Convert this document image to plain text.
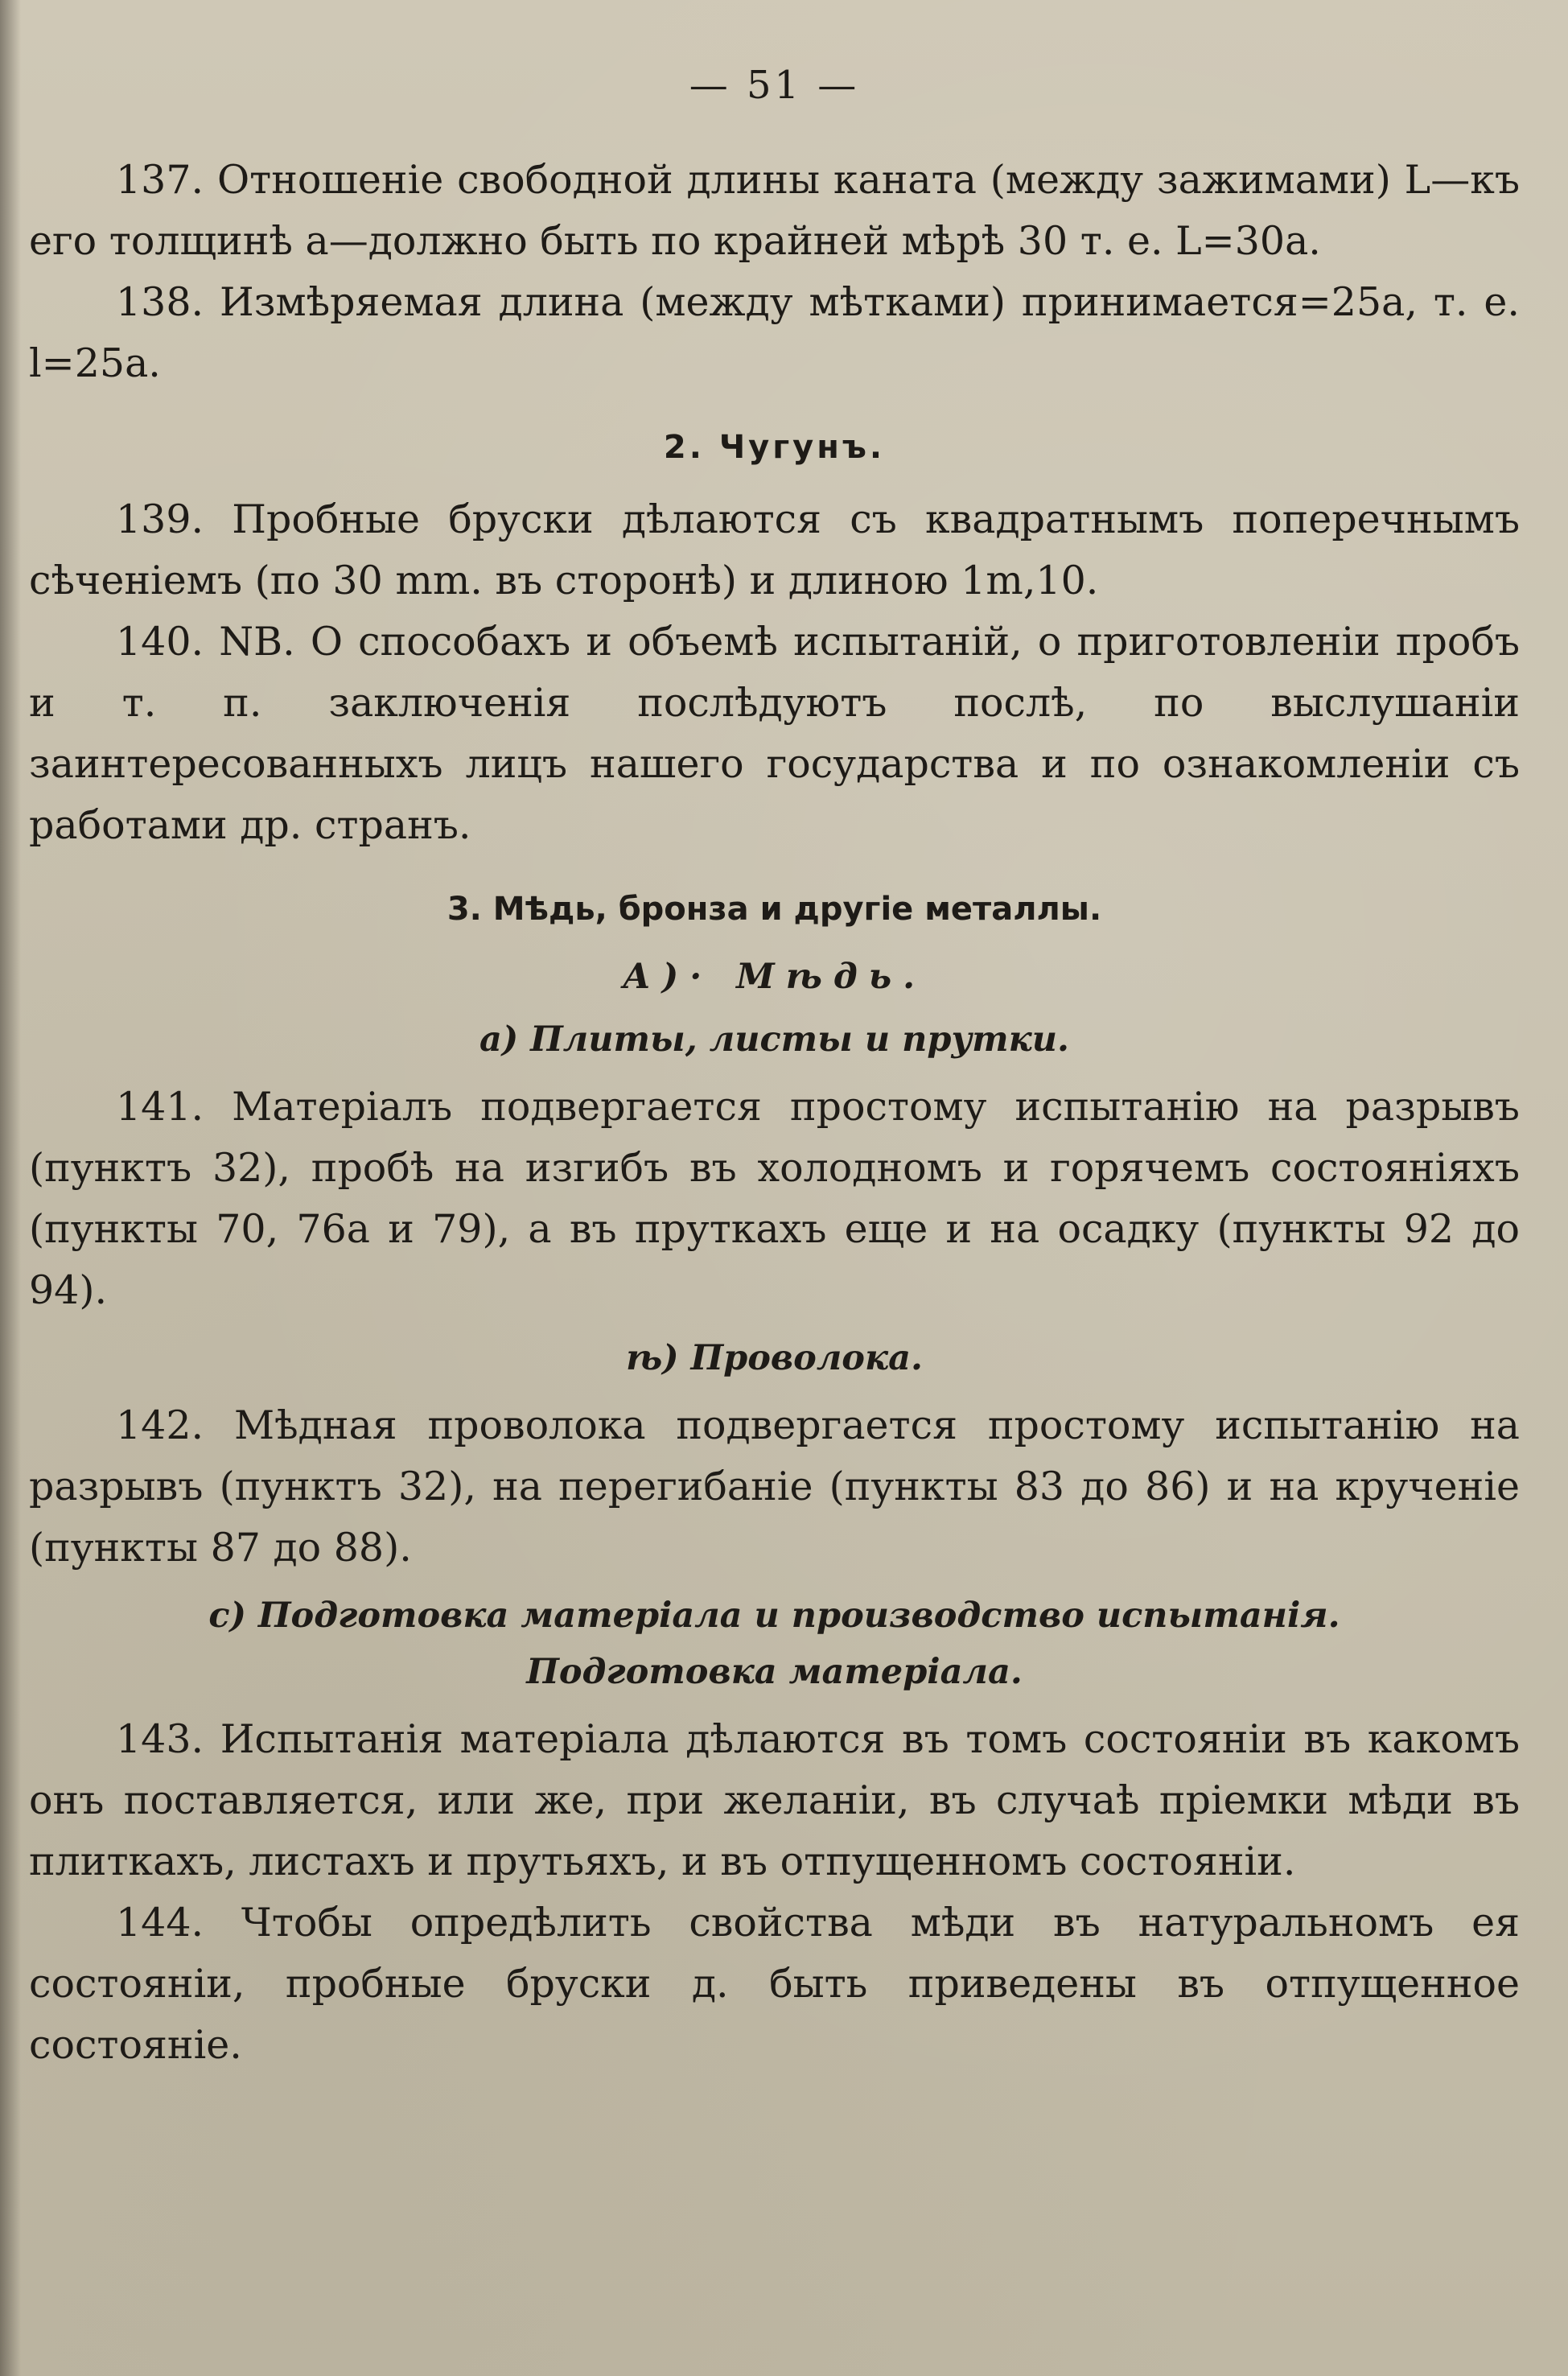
— 51 —

137. Отношеніе свободной длины каната (между зажимами) L—къ его толщинѣ a—должно быть по крайней мѣрѣ 30 т. е. L=30a.

138. Измѣряемая длина (между мѣтками) принимается=25a, т. е. l=25a.

2. Чугунъ.

139. Пробные бруски дѣлаются съ квадратнымъ поперечнымъ сѣченіемъ (по 30 mm. въ сторонѣ) и длиною 1m,10.

140. NB. О способахъ и объемѣ испытаній, о приготовленіи пробъ и т. п. заключенія послѣдуютъ послѣ, по выслушаніи заинтересованныхъ лицъ нашего государства и по ознакомленіи съ работами др. странъ.

3. Мѣдь, бронза и другіе металлы.
А)· Мѣдь.
a) Плиты, листы и прутки.

141. Матеріалъ подвергается простому испытанію на разрывъ (пунктъ 32), пробѣ на изгибъ въ холодномъ и горячемъ состояніяхъ (пункты 70, 76a и 79), а въ пруткахъ еще и на осадку (пункты 92 до 94).

ѣ) Проволока.

142. Мѣдная проволока подвергается простому испытанію на разрывъ (пунктъ 32), на перегибаніе (пункты 83 до 86) и на крученіе (пункты 87 до 88).

c) Подготовка матеріала и производство испытанія.
Подготовка матеріала.

143. Испытанія матеріала дѣлаются въ томъ состояніи въ какомъ онъ поставляется, или же, при желаніи, въ случаѣ пріемки мѣди въ плиткахъ, листахъ и прутьяхъ, и въ отпущенномъ состояніи.

144. Чтобы опредѣлить свойства мѣди въ натуральномъ ея состояніи, пробные бруски д. быть приведены въ отпущенное состояніе.
